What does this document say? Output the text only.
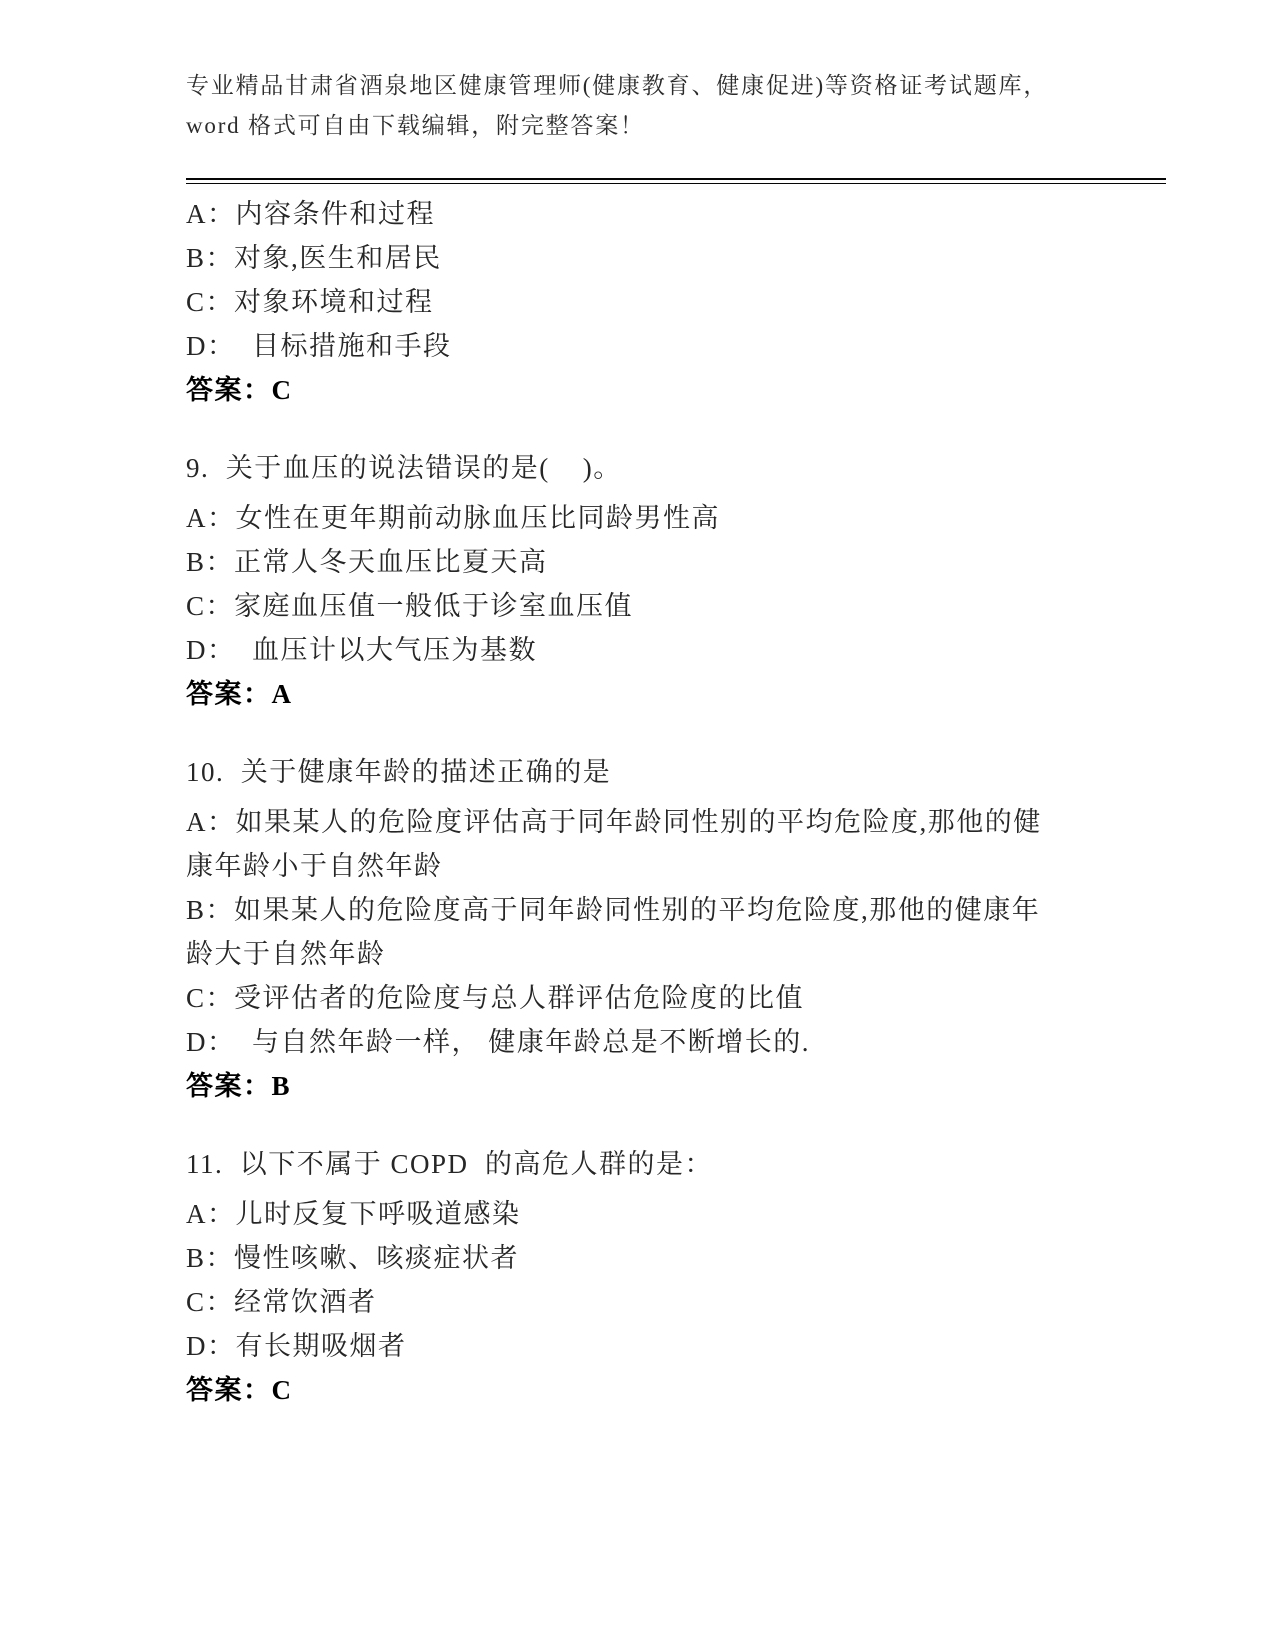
专业精品甘肃省酒泉地区健康管理师(健康教育、健康促进)等资格证考试题库，
word 格式可自由下载编辑，附完整答案！
A：内容条件和过程
B：对象,医生和居民
C：对象环境和过程
D：  目标措施和手段
答案：C
9.  关于血压的说法错误的是(    )。
A：女性在更年期前动脉血压比同龄男性高
B：正常人冬天血压比夏天高
C：家庭血压值一般低于诊室血压值
D：  血压计以大气压为基数
答案：A
10.  关于健康年龄的描述正确的是
A：如果某人的危险度评估高于同年龄同性别的平均危险度,那他的健康年龄小于自然年龄
B：如果某人的危险度高于同年龄同性别的平均危险度,那他的健康年龄大于自然年龄
C：受评估者的危险度与总人群评估危险度的比值
D：  与自然年龄一样， 健康年龄总是不断增长的.
答案：B
11.  以下不属于 COPD  的高危人群的是：
A：儿时反复下呼吸道感染
B：慢性咳嗽、咳痰症状者
C：经常饮酒者
D：有长期吸烟者
答案：C
